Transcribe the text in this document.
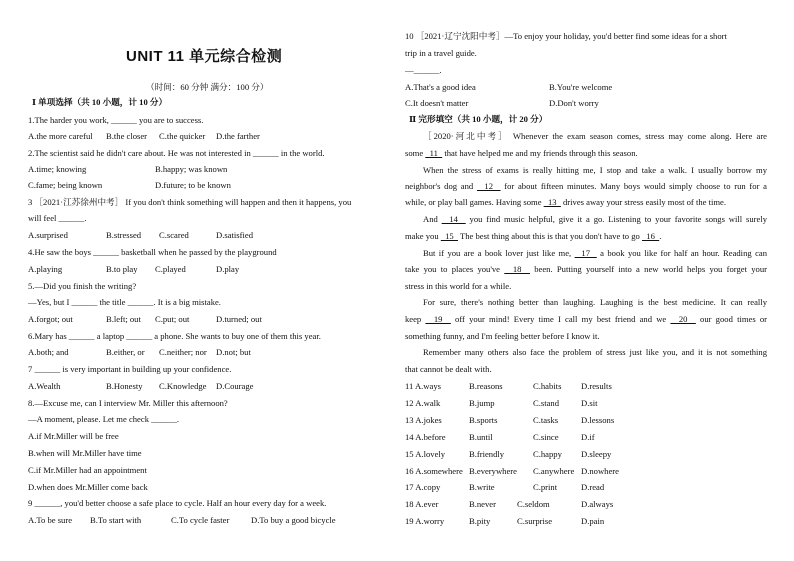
UNIT 11 单元综合检测
（时间：60 分钟 满分：100 分）
Ⅰ 单项选择（共 10 小题，计 10 分）
1.The harder you work, ______ you are to success.
A.the more careful B.the closer C.the quicker D.the farther
2.The scientist said he didn't care about. He was not interested in ______ in the world.
A.time; knowing	B.happy; was known
C.fame; being known	D.future; to be known
3 ［2021·江苏徐州中考］ If you don't think something will happen and then it happens, you
will feel ______.
A.surprised	B.stressed C.scared	D.satisfied
4.He saw the boys ______ basketball when he passed by the playground
A.playing	B.to play C.played	D.play
5.—Did you finish the writing?
—Yes, but I ______ the title ______. It is a big mistake.
A.forgot; out	B.left; out C.put; out	D.turned; out
6.Mary has ______ a laptop ______ a phone. She wants to buy one of them this year.
A.both; and	B.either, or C.neither; nor D.not; but
7 ______ is very important in building up your confidence.
A.Wealth	B.Honesty C.Knowledge D.Courage
8.—Excuse me, can I interview Mr. Miller this afternoon?
—A moment, please. Let me check ______.
A.if Mr.Miller will be free
B.when will Mr.Miller have time
C.if Mr.Miller had an appointment
D.when does Mr.Miller come back
9 ______, you'd better choose a safe place to cycle. Half an hour every day for a week.
A.To be sure B.To start with	C.To cycle faster	D.To buy a good bicycle
10 ［2021·辽宁沈阳中考］—To enjoy your holiday, you'd better find some ideas for a short
trip in a travel guide.
—______.
A.That's a good idea	B.You're welcome
C.It doesn't matter	D.Don't worry
Ⅱ 完形填空（共 10 小题，计 20 分）
［2020·河北中考］ Whenever the exam season comes, stress may come along. Here are
some   11   that have helped me and my friends through this season.
When the stress of exams is really hitting me, I stop and take a walk. I usually borrow my
neighbor's dog and   12   for about fifteen minutes. Many boys would simply choose to run for a
while, or play ball games. Having some   13   drives away your stress easily most of the time.
And   14   you find music helpful, give it a go. Listening to your favorite songs will surely
make you   15   The best thing about this is that you don't have to go   16  .
But if you are a book lover just like me,   17   a book you like for half an hour. Reading can
take you to places you've   18   been. Putting yourself into a new world helps you forget your
stress in this world for a while.
For sure, there's nothing better than laughing. Laughing is the best medicine. It can really
keep   19   off your mind! Every time I call my best friend and we   20   our good times or
something funny, and I'm feeling better before I know it.
Remember many others also face the problem of stress just like you, and it is not something
that cannot be dealt with.
11 A.ways	B.reasons	C.habits D.results
12 A.walk	B.jump	C.stand	D.sit
13 A.jokes	B.sports	C.tasks	D.lessons
14 A.before	B.until	C.since	D.if
15 A.lovely	B.friendly	C.happy D.sleepy
16 A.somewhere B.everywhere C.anywhere D.nowhere
17 A.copy	B.write	C.print	D.read
18 A.ever	B.never C.seldom	D.always
19 A.worry	B.pity	C.surprise	D.pain
